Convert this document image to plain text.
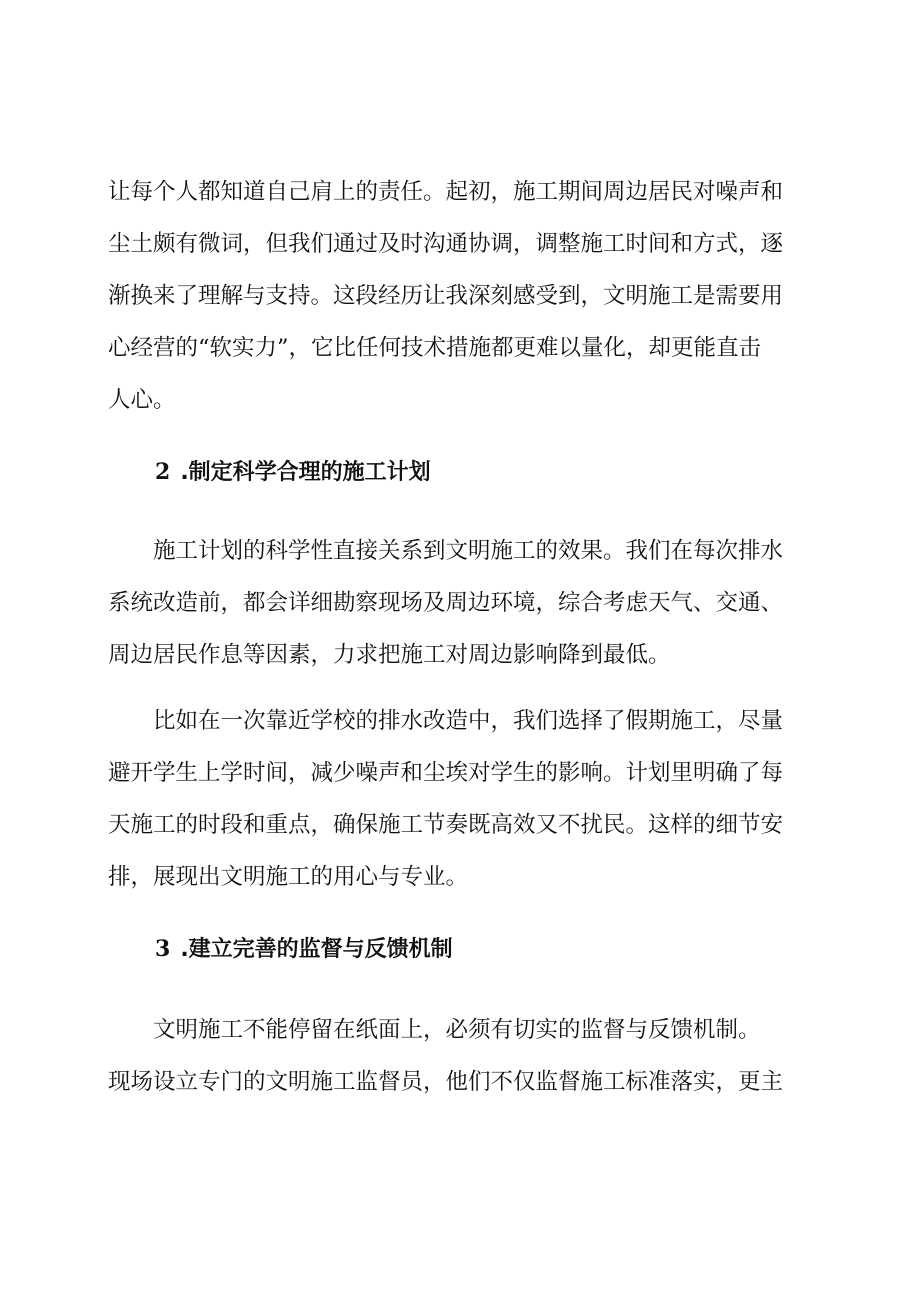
让每个人都知道自己肩上的责任。起初，施工期间周边居民对噪声和
尘土颇有微词，但我们通过及时沟通协调，调整施工时间和方式，逐
渐换来了理解与支持。这段经历让我深刻感受到，文明施工是需要用
心经营的“软实力”，它比任何技术措施都更难以量化，却更能直击
人心。
2 .制定科学合理的施工计划
施工计划的科学性直接关系到文明施工的效果。我们在每次排水
系统改造前，都会详细勘察现场及周边环境，综合考虑天气、交通、
周边居民作息等因素，力求把施工对周边影响降到最低。
比如在一次靠近学校的排水改造中，我们选择了假期施工，尽量
避开学生上学时间，减少噪声和尘埃对学生的影响。计划里明确了每
天施工的时段和重点，确保施工节奏既高效又不扰民。这样的细节安
排，展现出文明施工的用心与专业。
3 .建立完善的监督与反馈机制
文明施工不能停留在纸面上，必须有切实的监督与反馈机制。
现场设立专门的文明施工监督员，他们不仅监督施工标准落实，更主
